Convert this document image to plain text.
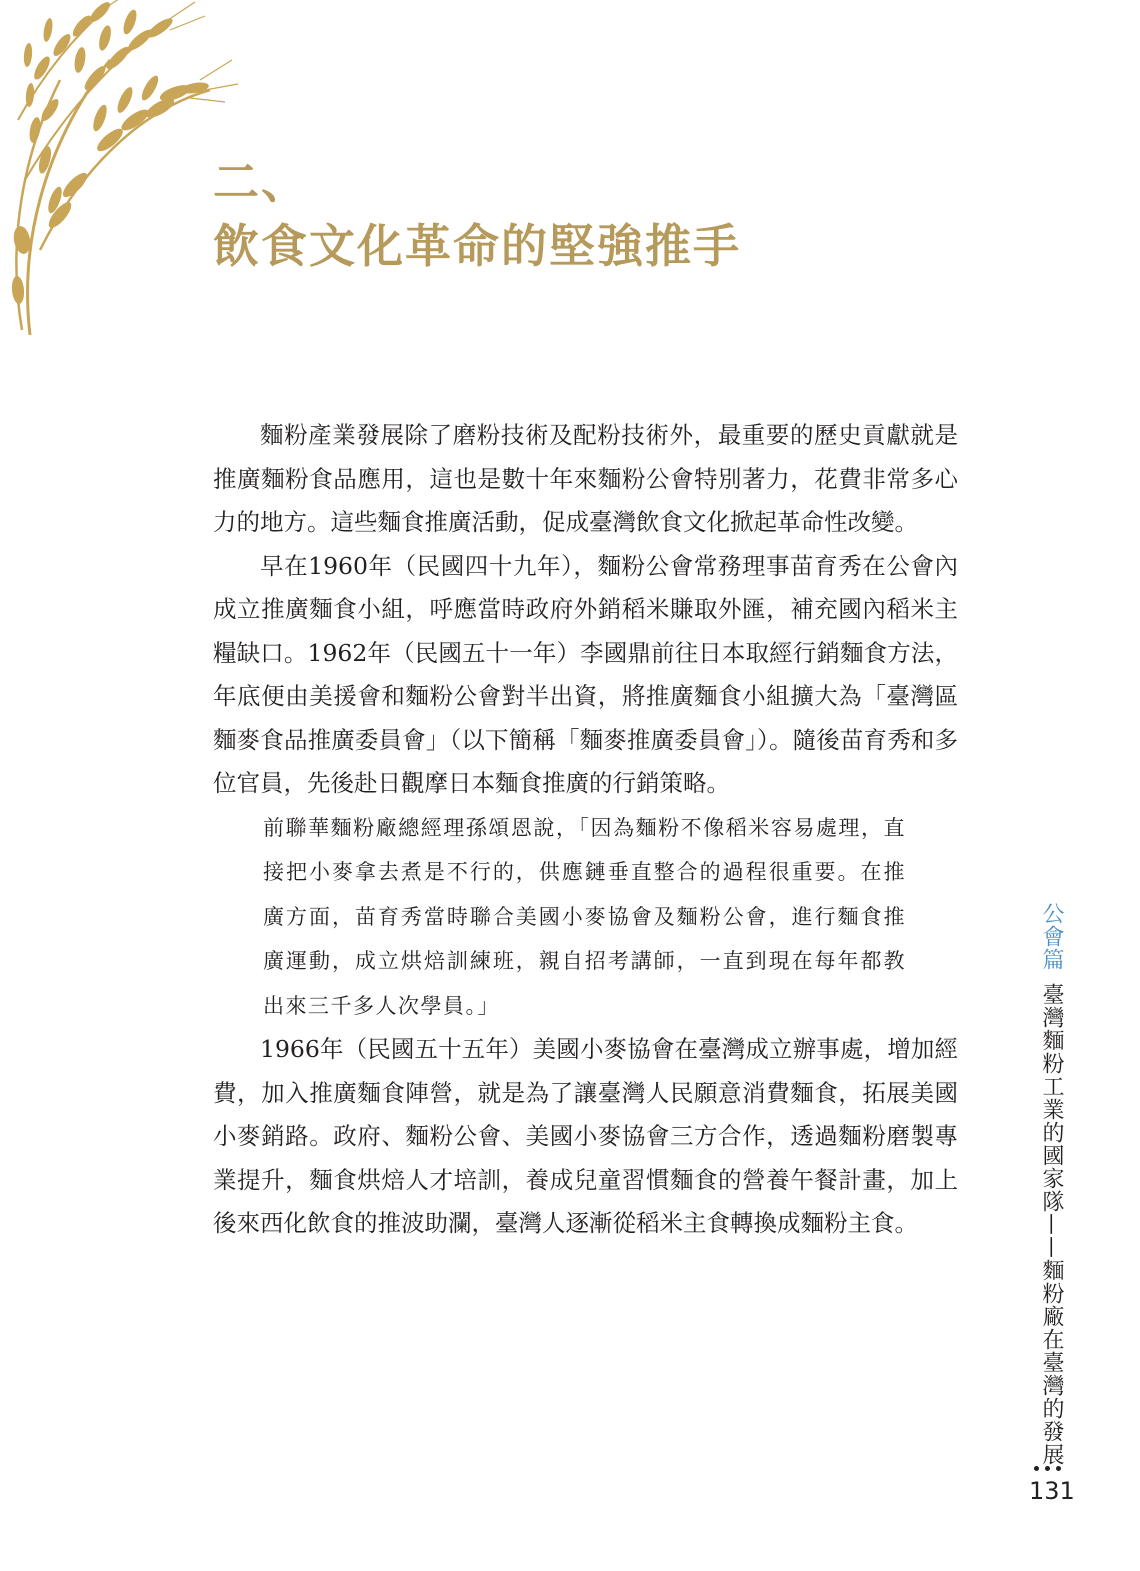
二、
飲食文化革命的堅強推手

麵粉產業發展除了磨粉技術及配粉技術外，最重要的歷史貢獻就是推廣麵粉食品應用，這也是數十年來麵粉公會特別著力，花費非常多心力的地方。這些麵食推廣活動，促成臺灣飲食文化掀起革命性改變。

早在1960年（民國四十九年），麵粉公會常務理事苗育秀在公會內成立推廣麵食小組，呼應當時政府外銷稻米賺取外匯，補充國內稻米主糧缺口。1962年（民國五十一年）李國鼎前往日本取經行銷麵食方法，年底便由美援會和麵粉公會對半出資，將推廣麵食小組擴大為「臺灣區麵麥食品推廣委員會」（以下簡稱「麵麥推廣委員會」）。隨後苗育秀和多位官員，先後赴日觀摩日本麵食推廣的行銷策略。

前聯華麵粉廠總經理孫頌恩說，「因為麵粉不像稻米容易處理，直接把小麥拿去煮是不行的，供應鏈垂直整合的過程很重要。在推廣方面，苗育秀當時聯合美國小麥協會及麵粉公會，進行麵食推廣運動，成立烘焙訓練班，親自招考講師，一直到現在每年都教出來三千多人次學員。」

1966年（民國五十五年）美國小麥協會在臺灣成立辦事處，增加經費，加入推廣麵食陣營，就是為了讓臺灣人民願意消費麵食，拓展美國小麥銷路。政府、麵粉公會、美國小麥協會三方合作，透過麵粉磨製專業提升，麵食烘焙人才培訓，養成兒童習慣麵食的營養午餐計畫，加上後來西化飲食的推波助瀾，臺灣人逐漸從稻米主食轉換成麵粉主食。

公會篇臺灣麵粉工業的國家隊——麵粉廠在臺灣的發展
131
